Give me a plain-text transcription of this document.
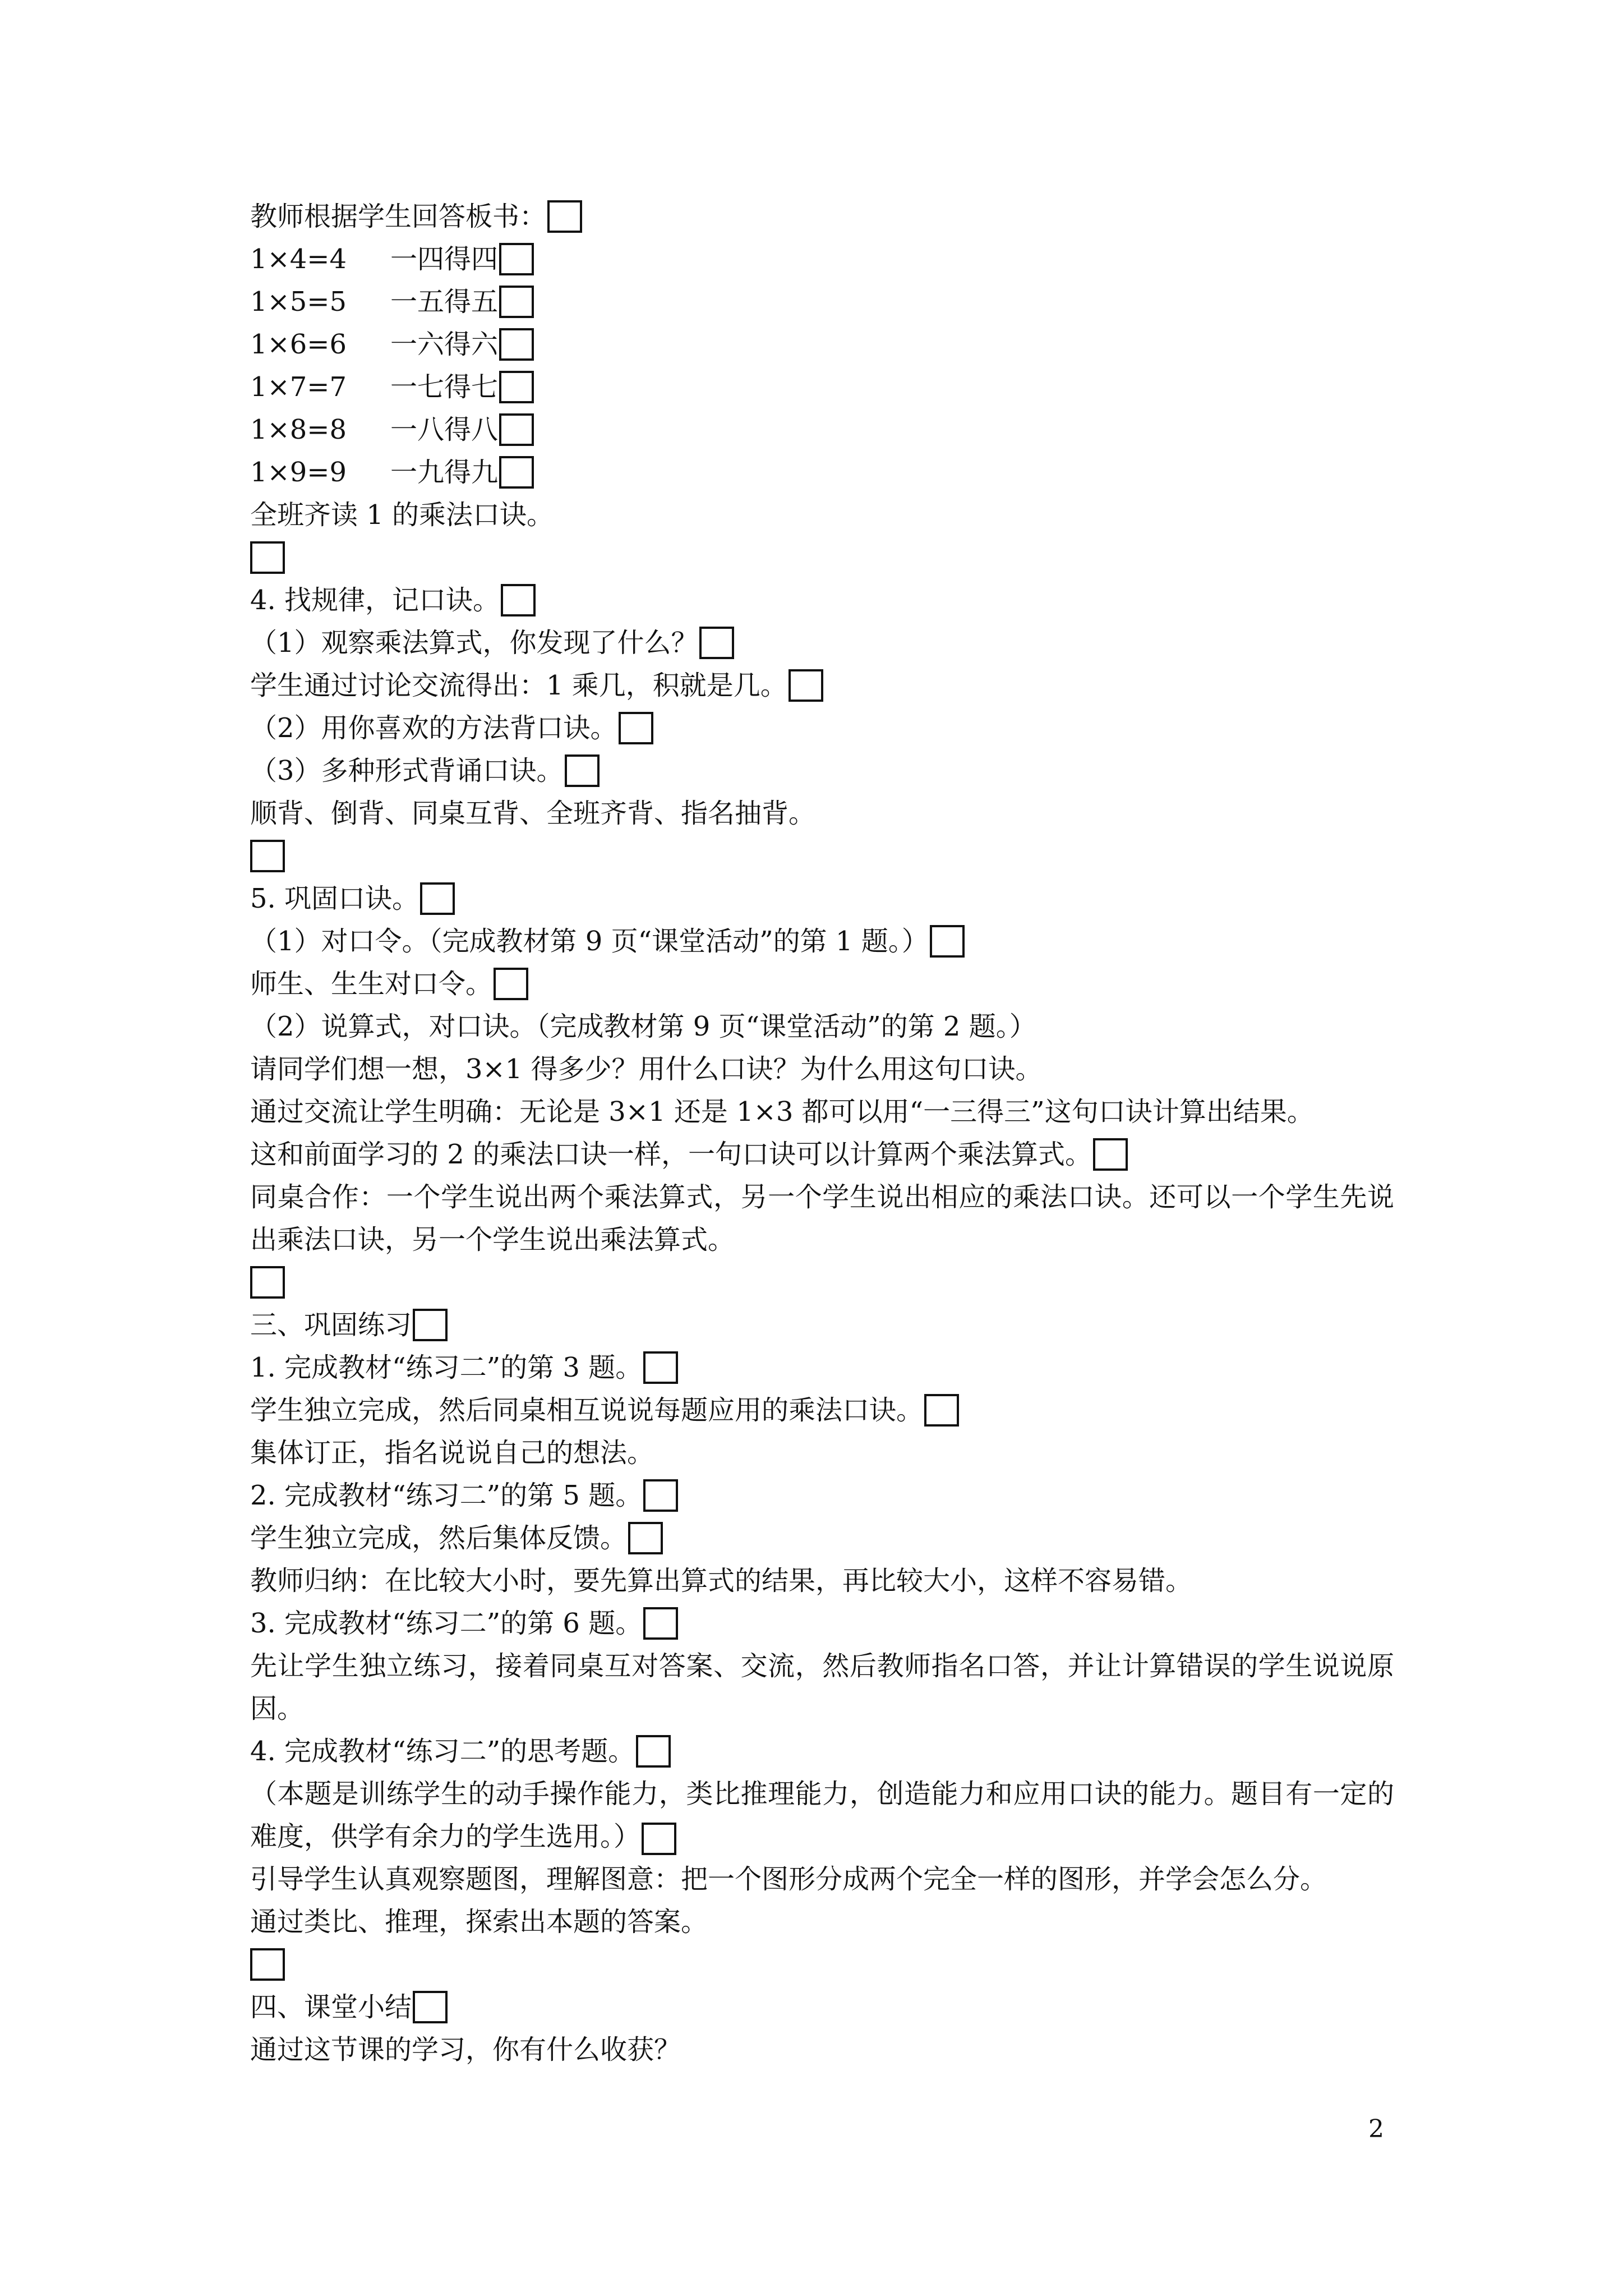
教师根据学生回答板书：
1×4=4	一四得四
1×5=5	一五得五
1×6=6	一六得六
1×7=7	一七得七
1×8=8	一八得八
1×9=9	一九得九
全班齐读 1 的乘法口诀。
4. 找规律，记口诀。
（1）观察乘法算式，你发现了什么？
学生通过讨论交流得出：1 乘几，积就是几。
（2）用你喜欢的方法背口诀。
（3）多种形式背诵口诀。
顺背、倒背、同桌互背、全班齐背、指名抽背。
5. 巩固口诀。
（1）对口令。（完成教材第 9 页“课堂活动”的第 1 题。）
师生、生生对口令。
（2）说算式，对口诀。（完成教材第 9 页“课堂活动”的第 2 题。）
请同学们想一想，3×1 得多少？用什么口诀？为什么用这句口诀。
通过交流让学生明确：无论是 3×1 还是 1×3 都可以用“一三得三”这句口诀计算出结果。
这和前面学习的 2 的乘法口诀一样，一句口诀可以计算两个乘法算式。
同桌合作：一个学生说出两个乘法算式，另一个学生说出相应的乘法口诀。还可以一个学生先说出乘法口诀，另一个学生说出乘法算式。
三、巩固练习
1. 完成教材“练习二”的第 3 题。
学生独立完成，然后同桌相互说说每题应用的乘法口诀。
集体订正，指名说说自己的想法。
2. 完成教材“练习二”的第 5 题。
学生独立完成，然后集体反馈。
教师归纳：在比较大小时，要先算出算式的结果，再比较大小，这样不容易错。
3. 完成教材“练习二”的第 6 题。
先让学生独立练习，接着同桌互对答案、交流，然后教师指名口答，并让计算错误的学生说说原因。
4. 完成教材“练习二”的思考题。
（本题是训练学生的动手操作能力，类比推理能力，创造能力和应用口诀的能力。题目有一定的难度，供学有余力的学生选用。）
引导学生认真观察题图，理解图意：把一个图形分成两个完全一样的图形，并学会怎么分。
通过类比、推理，探索出本题的答案。
四、课堂小结
通过这节课的学习，你有什么收获？
2
